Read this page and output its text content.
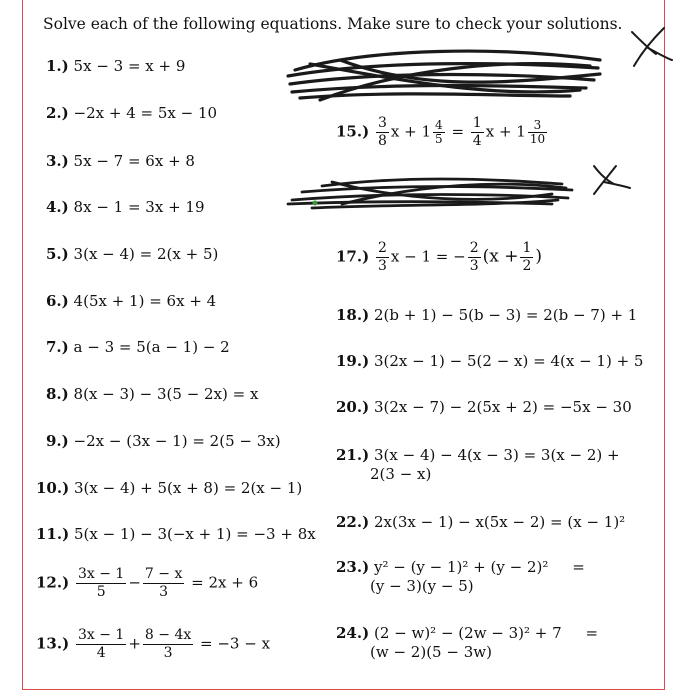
Solve each of the following equations. Make sure to check your solutions.
1.) 5x − 3 = x + 9
2.) −2x + 4 = 5x − 10
3.) 5x − 7 = 6x + 8
4.) 8x − 1 = 3x + 19
5.) 3(x − 4) = 2(x + 5)
6.) 4(5x + 1) = 6x + 4
7.) a − 3 = 5(a − 1) − 2
8.) 8(x − 3) − 3(5 − 2x) = x
9.) −2x − (3x − 1) = 2(5 − 3x)
10.) 3(x − 4) + 5(x + 8) = 2(x − 1)
11.) 5(x − 1) − 3(−x + 1) = −3 + 8x
$12.) \frac{3x - 1}{5} - \frac{7 - x}{3} = 2x + 6$
$13.) \frac{3x - 1}{4} + \frac{8 - 4x}{3} = -3 - x$
$15.) \frac{3}{8}$ $x + 1 \frac{4}{5} = \frac{1}{4}$ $x + 1 \frac{3}{10}$
$17.) \frac{2}{3}$ x − 1 = − $\frac{2}{3} (x + \frac{1}{2}$ )
18.) 2(b + 1) − 5(b − 3) = 2(b − 7) + 1
19.) 3(2x − 1) − 5(2 − x) = 4(x − 1) + 5
20.) 3(2x − 7) − 2(5x + 2) = −5x − 30
21.) 3(x − 4) − 4(x − 3) = 3(x − 2) +
2(3 − x)
22.) 2x(3x − 1) − x(5x − 2) = (x − 1)²
23.) y² − (y − 1)² + (y − 2)²     =
(y − 3)(y − 5)
24.) (2 − w)² − (2w − 3)² + 7     =
(w − 2)(5 − 3w)
